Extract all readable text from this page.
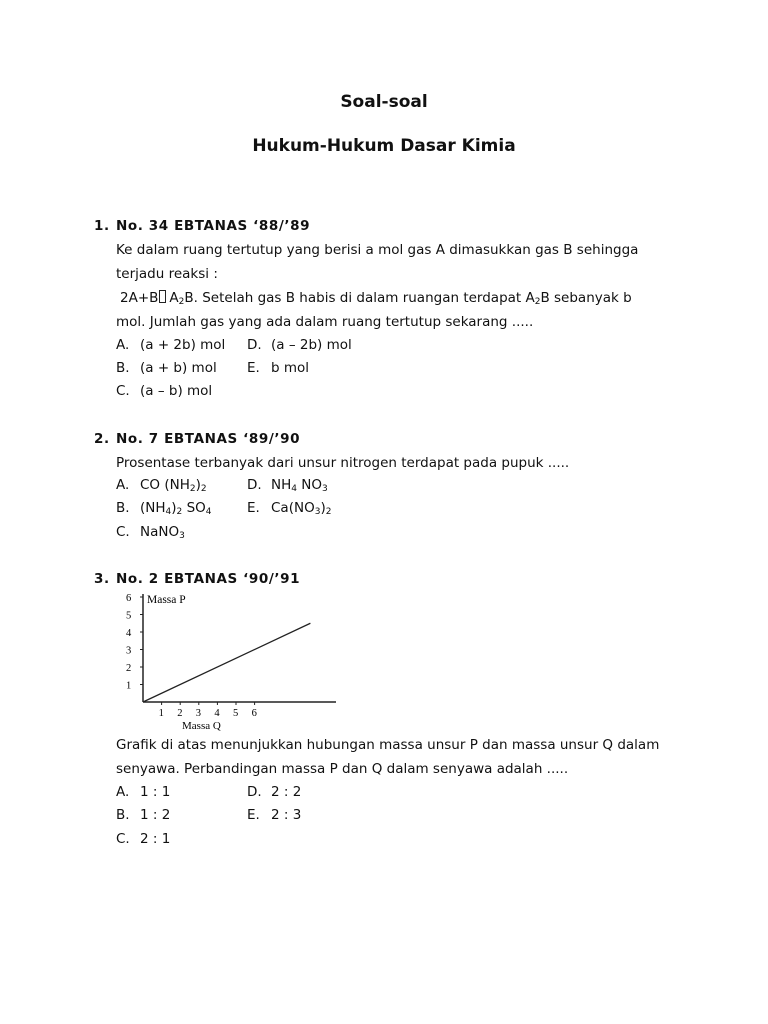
Soal-soal
Hukum-Hukum Dasar Kimia
1. No. 34 EBTANAS ‘88/’89
Ke dalam ruang tertutup yang berisi a mol gas A dimasukkan gas B sehingga
terjadu reaksi :
2A+B $A_2B$. Setelah gas B habis di dalam ruangan terdapat $A_2B$ sebanyak b
mol. Jumlah gas yang ada dalam ruang tertutup sekarang .....
A. (a + 2b) mol D. (a – 2b) mol
B. (a + b) mol E. b mol
C. (a – b) mol
2. No. 7 EBTANAS ‘89/’90
Prosentase terbanyak dari unsur nitrogen terdapat pada pupuk .....
A. CO $(NH_2)_2$	D. $NH_4$ $NO_3$
B. $(NH_4)_2$ $SO_4$	E. $Ca(NO_3)_2$
C. NaNO$_3$
3. No. 2 EBTANAS ‘90/’91
1
2
3
4
5
6
1 2 3 4 5 6
Massa P
Massa Q
Grafik di atas menunjukkan hubungan massa unsur P dan massa unsur Q dalam
senyawa. Perbandingan massa P dan Q dalam senyawa adalah .....
A. 1 : 1	D. 2 : 2
B. 1 : 2	E. 2 : 3
C. 2 : 1
